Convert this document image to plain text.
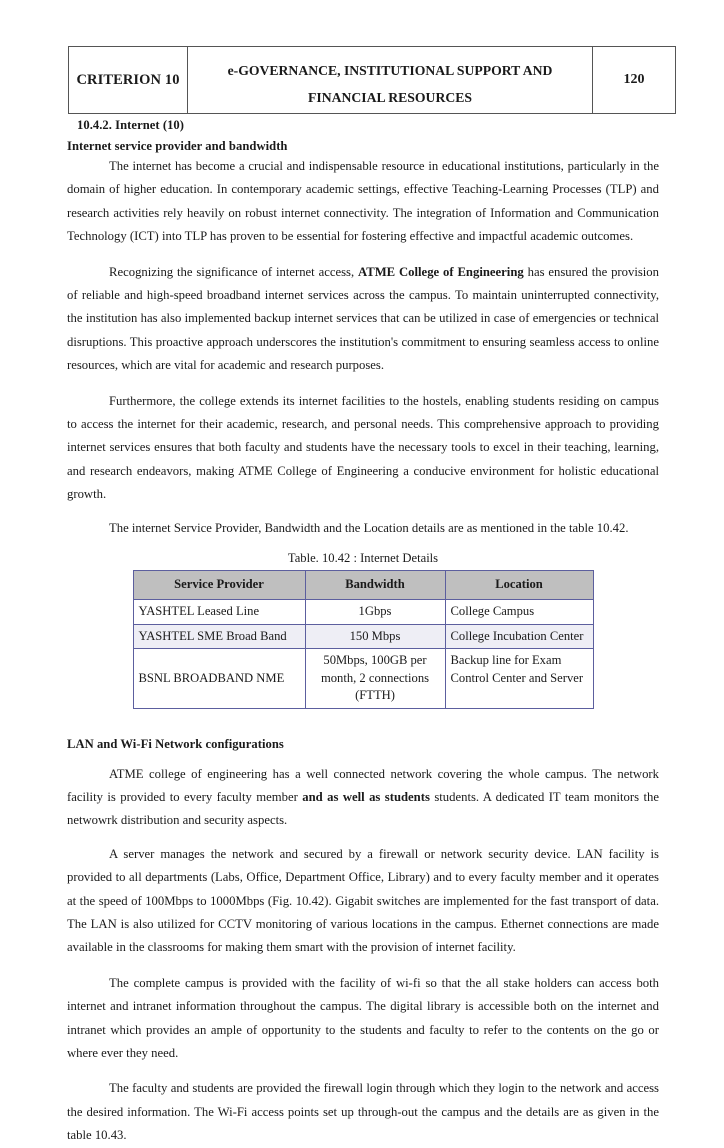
CRITERION 10	
e-GOVERNANCE, INSTITUTIONAL SUPPORT AND
FINANCIAL RESOURCES
	120
10.4.2. Internet (10)
Internet service provider and bandwidth

The internet has become a crucial and indispensable resource in educational institutions, particularly in the domain of higher education. In contemporary academic settings, effective Teaching-Learning Processes (TLP) and research activities rely heavily on robust internet connectivity. The integration of Information and Communication Technology (ICT) into TLP has proven to be essential for fostering effective and impactful academic outcomes.

Recognizing the significance of internet access, ATME College of Engineering has ensured the provision of reliable and high-speed broadband internet services across the campus. To maintain uninterrupted connectivity, the institution has also implemented backup internet services that can be utilized in case of emergencies or technical disruptions. This proactive approach underscores the institution's commitment to ensuring seamless access to online resources, which are vital for academic and research purposes.

Furthermore, the college extends its internet facilities to the hostels, enabling students residing on campus to access the internet for their academic, research, and personal needs. This comprehensive approach to providing internet services ensures that both faculty and students have the necessary tools to excel in their teaching, learning, and research endeavors, making ATME College of Engineering a conducive environment for holistic educational growth.

The internet Service Provider, Bandwidth and the Location details are as mentioned in the table 10.42.

Table. 10.42 : Internet Details
Service Provider	Bandwidth	Location
YASHTEL Leased Line	1Gbps	College Campus
YASHTEL SME Broad Band	150 Mbps	College Incubation Center
BSNL BROADBAND NME	50Mbps, 100GB per month, 2 connections (FTTH)	Backup line for Exam Control Center and Server
LAN and Wi-Fi Network configurations

ATME college of engineering has a well connected network covering the whole campus. The network facility is provided to every faculty member and as well as students students. A dedicated IT team monitors the netwowrk distribution and security aspects.

A server manages the network and secured by a firewall or network security device. LAN facility is provided to all departments (Labs, Office, Department Office, Library) and to every faculty member and it operates at the speed of 100Mbps to 1000Mbps (Fig. 10.42). Gigabit switches are implemented for the fast transport of data. The LAN is also utilized for CCTV monitoring of various locations in the campus. Ethernet connections are made available in the classrooms for making them smart with the provision of internet facility.

The complete campus is provided with the facility of wi-fi so that the all stake holders can access both internet and intranet information throughout the campus. The digital library is accessible both on the internet and intranet which provides an ample of opportunity to the students and faculty to refer to the contents on the go or where ever they need.

The faculty and students are provided the firewall login through which they login to the network and access the desired information. The Wi-Fi access points set up through-out the campus and the details are as given in the table 10.43.
